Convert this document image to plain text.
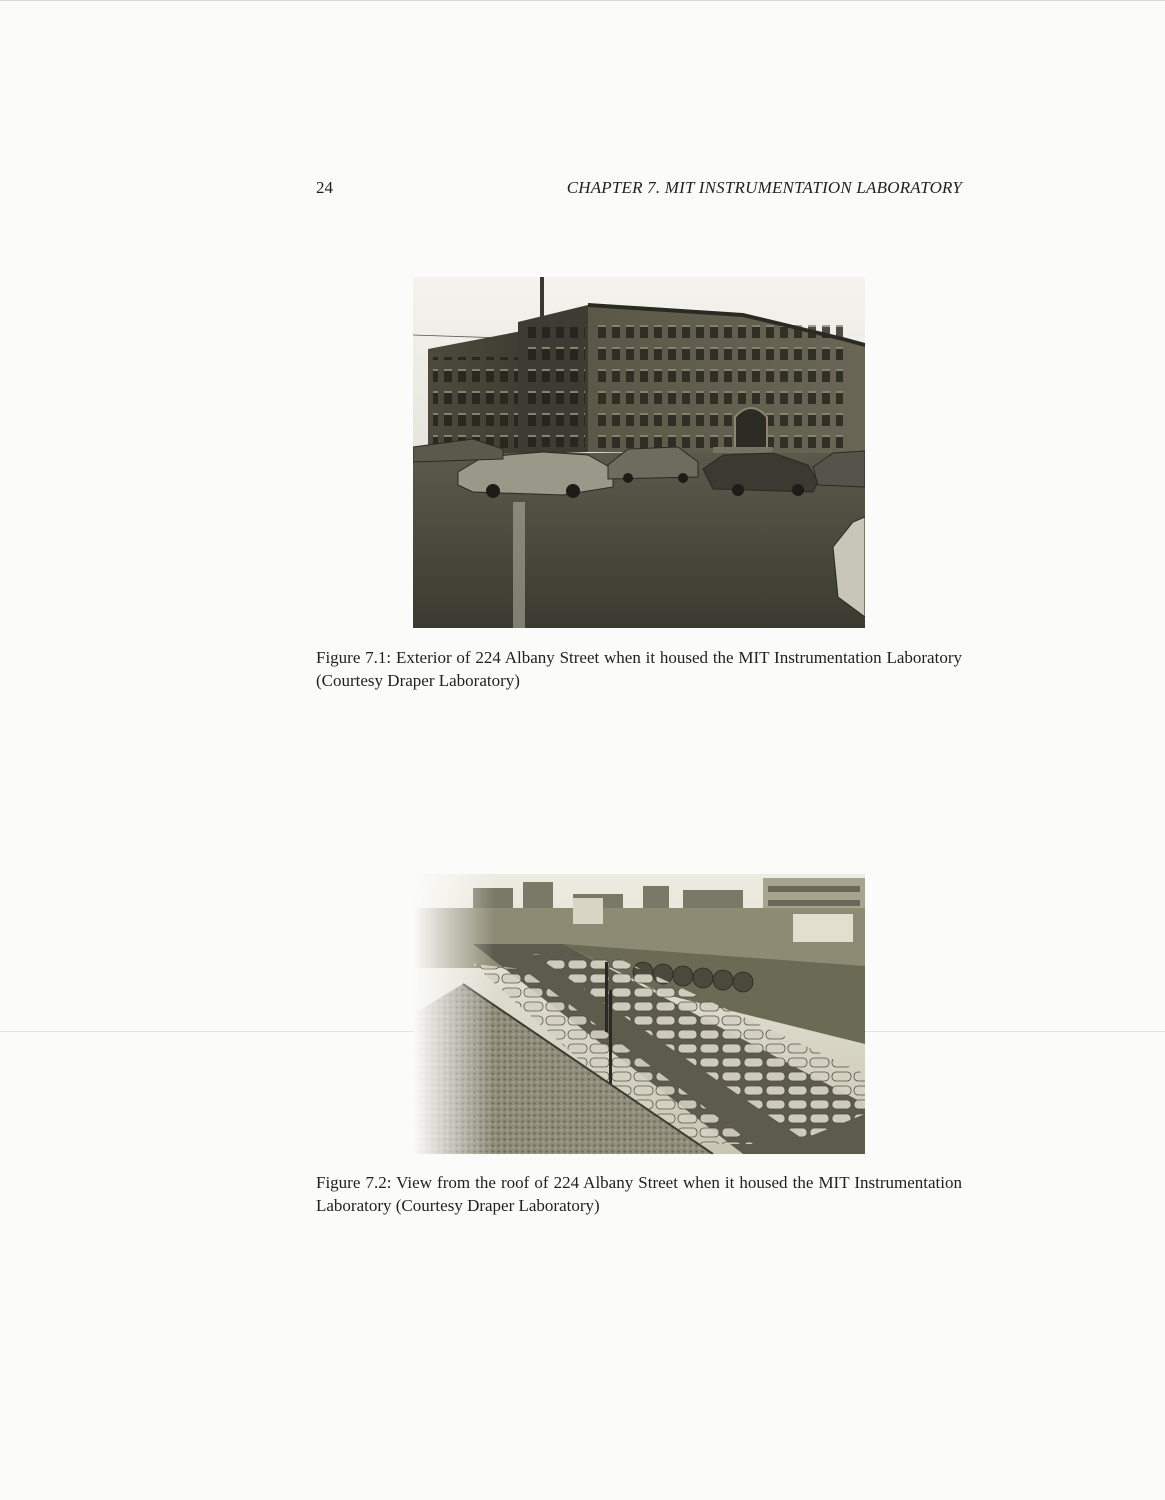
24	CHAPTER 7. MIT INSTRUMENTATION LABORATORY
Figure 7.1: Exterior of 224 Albany Street when it housed the MIT Instrumentation Laboratory (Courtesy Draper Laboratory)
Figure 7.2: View from the roof of 224 Albany Street when it housed the MIT Instrumentation Laboratory (Courtesy Draper Laboratory)
